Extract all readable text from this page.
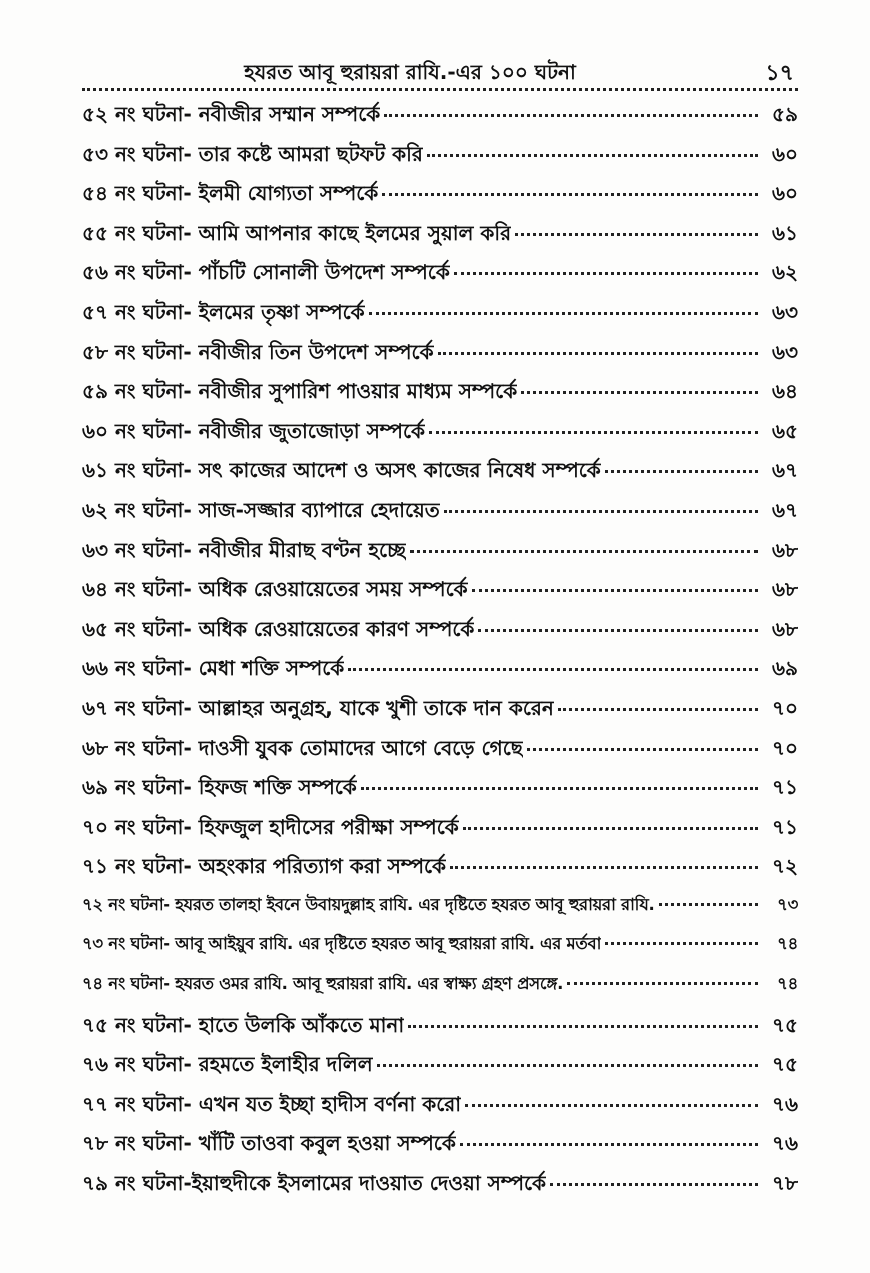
হযরত আবূ হুরায়রা রাযি.-এর ১০০ ঘটনা	১৭
৫২ নং ঘটনা- নবীজীর সম্মান সম্পর্কে	৫৯
৫৩ নং ঘটনা- তার কষ্টে আমরা ছটফট করি	৬০
৫৪ নং ঘটনা- ইলমী যোগ্যতা সম্পর্কে	৬০
৫৫ নং ঘটনা- আমি আপনার কাছে ইলমের সুয়াল করি	৬১
৫৬ নং ঘটনা- পাঁচটি সোনালী উপদেশ সম্পর্কে	৬২
৫৭ নং ঘটনা- ইলমের তৃষ্ণা সম্পর্কে	৬৩
৫৮ নং ঘটনা- নবীজীর তিন উপদেশ সম্পর্কে	৬৩
৫৯ নং ঘটনা- নবীজীর সুপারিশ পাওয়ার মাধ্যম সম্পর্কে	৬৪
৬০ নং ঘটনা- নবীজীর জুতাজোড়া সম্পর্কে	৬৫
৬১ নং ঘটনা- সৎ কাজের আদেশ ও অসৎ কাজের নিষেধ সম্পর্কে	৬৭
৬২ নং ঘটনা- সাজ-সজ্জার ব্যাপারে হেদায়েত	৬৭
৬৩ নং ঘটনা- নবীজীর মীরাছ বণ্টন হচ্ছে	৬৮
৬৪ নং ঘটনা- অধিক রেওয়ায়েতের সময় সম্পর্কে	৬৮
৬৫ নং ঘটনা- অধিক রেওয়ায়েতের কারণ সম্পর্কে	৬৮
৬৬ নং ঘটনা- মেধা শক্তি সম্পর্কে	৬৯
৬৭ নং ঘটনা- আল্লাহর অনুগ্রহ, যাকে খুশী তাকে দান করেন	৭০
৬৮ নং ঘটনা- দাওসী যুবক তোমাদের আগে বেড়ে গেছে	৭০
৬৯ নং ঘটনা- হিফজ শক্তি সম্পর্কে	৭১
৭০ নং ঘটনা- হিফজুল হাদীসের পরীক্ষা সম্পর্কে	৭১
৭১ নং ঘটনা- অহংকার পরিত্যাগ করা সম্পর্কে	৭২
৭২ নং ঘটনা- হযরত তালহা ইবনে উবায়দুল্লাহ রাযি. এর দৃষ্টিতে হযরত আবূ হুরায়রা রাযি.	৭৩
৭৩ নং ঘটনা- আবূ আইয়ুব রাযি. এর দৃষ্টিতে হযরত আবূ হুরায়রা রাযি. এর মর্তবা	৭৪
৭৪ নং ঘটনা- হযরত ওমর রাযি. আবূ হুরায়রা রাযি. এর স্বাক্ষ্য গ্রহণ প্রসঙ্গে.	৭৪
৭৫ নং ঘটনা- হাতে উলকি আঁকতে মানা	৭৫
৭৬ নং ঘটনা- রহমতে ইলাহীর দলিল	৭৫
৭৭ নং ঘটনা- এখন যত ইচ্ছা হাদীস বর্ণনা করো	৭৬
৭৮ নং ঘটনা- খাঁটি তাওবা কবুল হওয়া সম্পর্কে	৭৬
৭৯ নং ঘটনা-ইয়াহুদীকে ইসলামের দাওয়াত দেওয়া সম্পর্কে	৭৮
